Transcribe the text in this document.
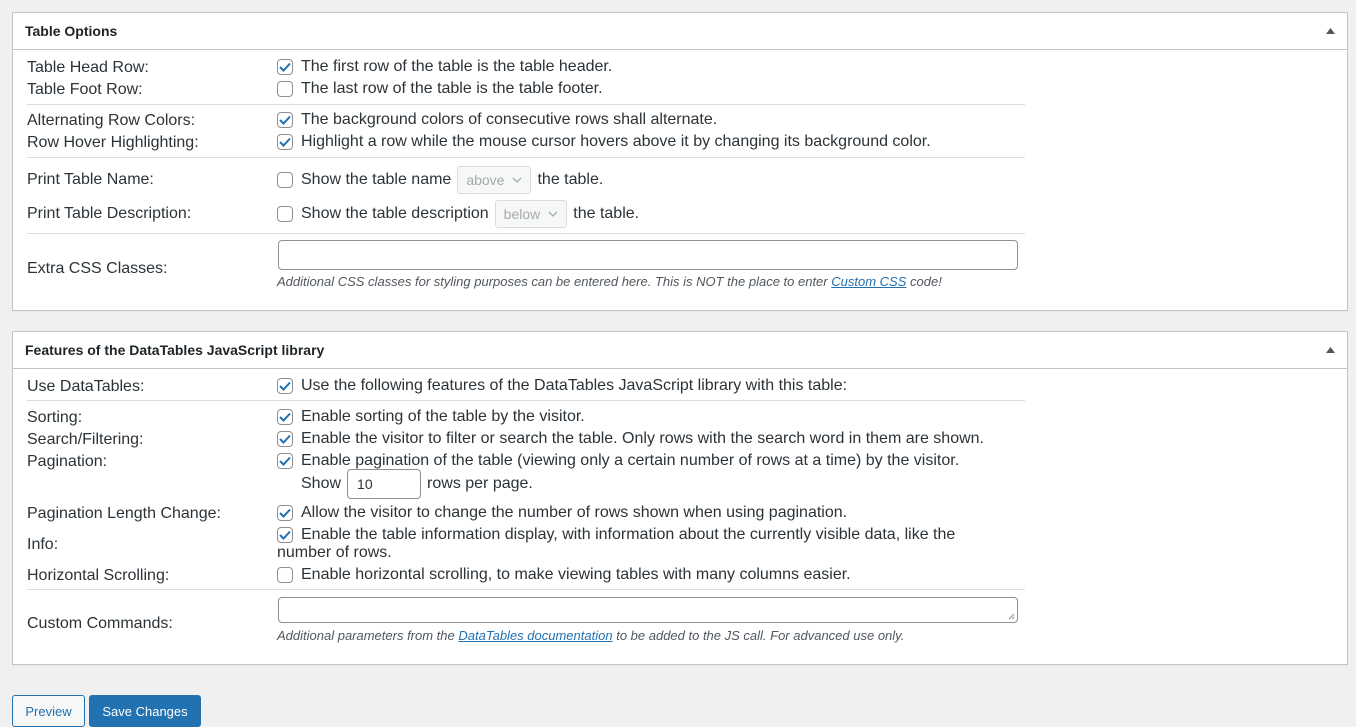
Table Options
Table Head Row:	The first row of the table is the table header.
Table Foot Row:	The last row of the table is the table footer.
Alternating Row Colors:	The background colors of consecutive rows shall alternate.
Row Hover Highlighting:	Highlight a row while the mouse cursor hovers above it by changing its background color.
Print Table Name:	Show the table name above the table.
Print Table Description:	Show the table description below the table.
Extra CSS Classes:
Additional CSS classes for styling purposes can be entered here. This is NOT the place to enter Custom CSS code!
Features of the DataTables JavaScript library
Use DataTables:	Use the following features of the DataTables JavaScript library with this table:
Sorting:	Enable sorting of the table by the visitor.
Search/Filtering:	Enable the visitor to filter or search the table. Only rows with the search word in them are shown.
Pagination:	Enable pagination of the table (viewing only a certain number of rows at a time) by the visitor.
Show	10	rows per page.
Pagination Length Change:	Allow the visitor to change the number of rows shown when using pagination.
Info:
Enable the table information display, with information about the currently visible data, like the
number of rows.
Horizontal Scrolling:	Enable horizontal scrolling, to make viewing tables with many columns easier.
Custom Commands:
Additional parameters from the DataTables documentation to be added to the JS call. For advanced use only.
Preview	Save Changes
